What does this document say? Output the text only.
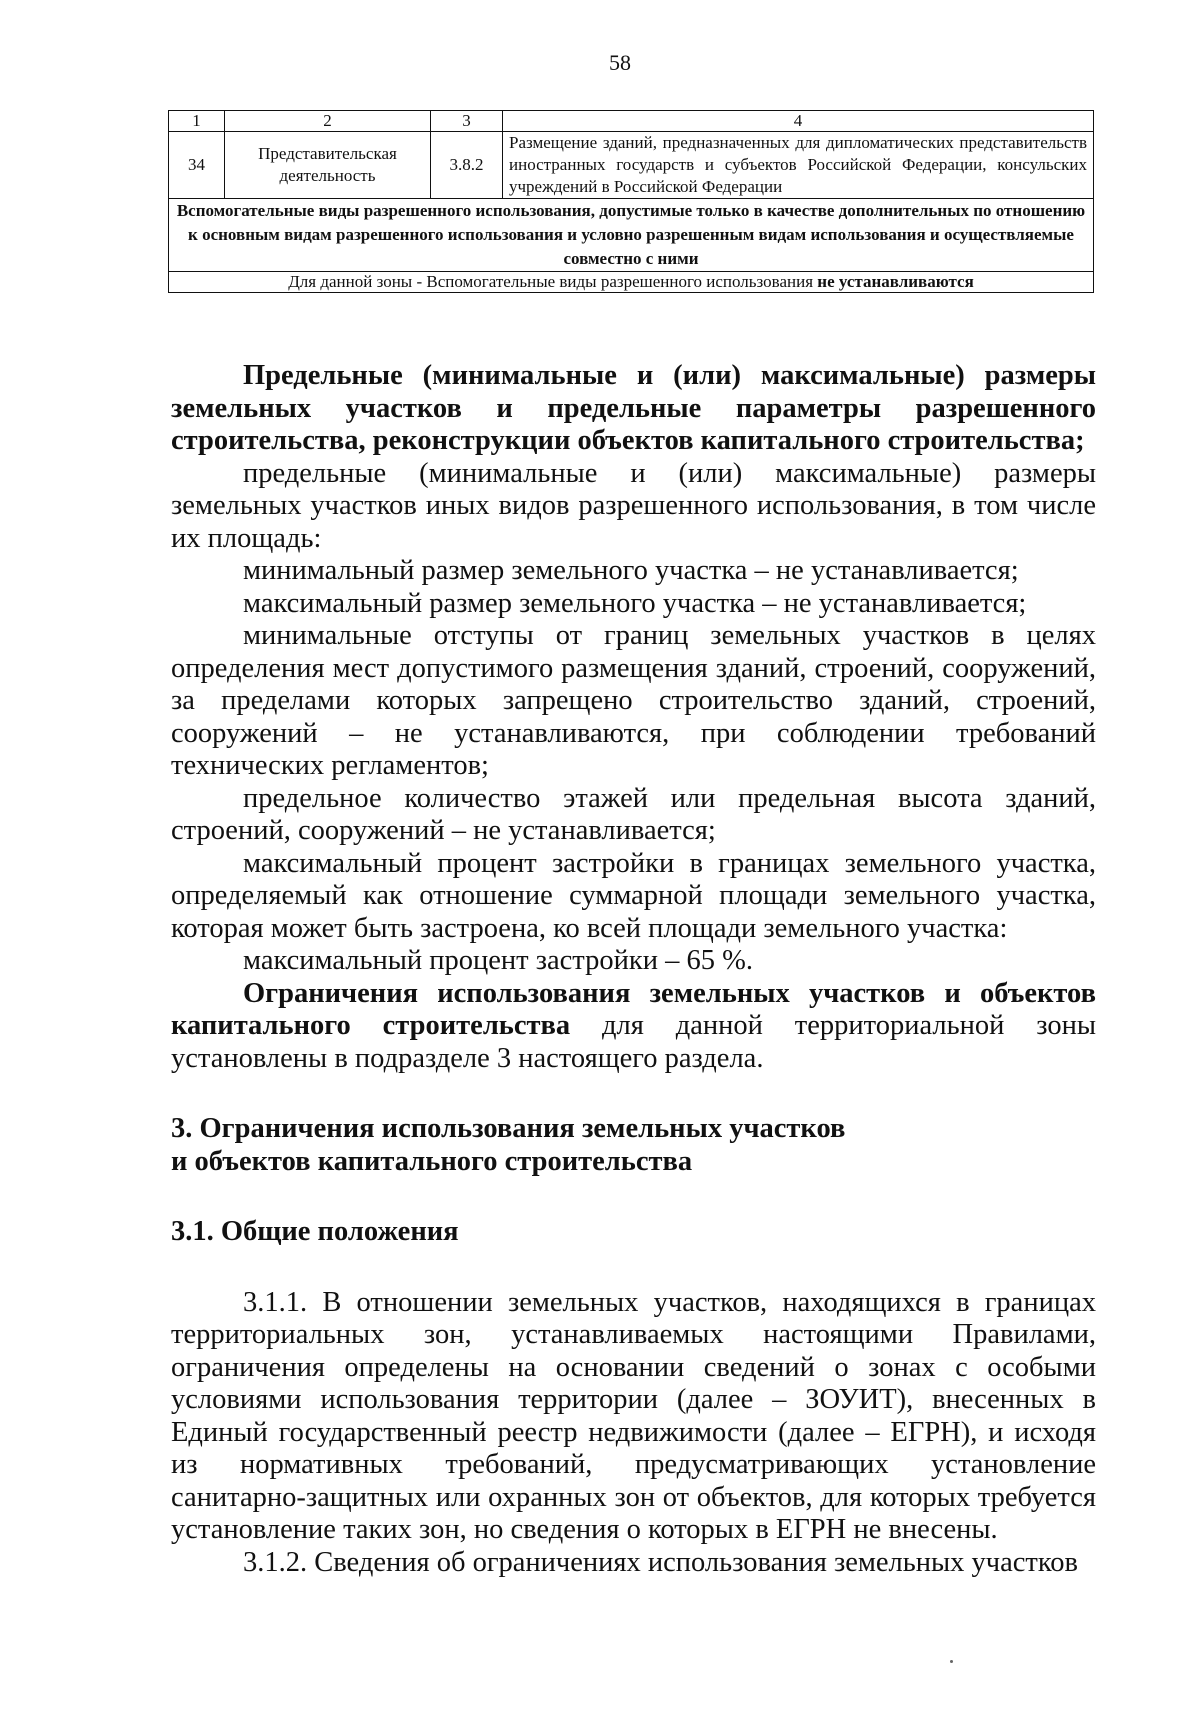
58
1	2	3	4
34	Представительская деятельность	3.8.2	Размещение зданий, предназначенных для дипломатических представительств иностранных государств и субъектов Российской Федерации, консульских учреждений в Российской Федерации
Вспомогательные виды разрешенного использования, допустимые только в качестве дополнительных по отношению к основным видам разрешенного использования и условно разрешенным видам использования и осуществляемые совместно с ними			
Для данной зоны - Вспомогательные виды разрешенного использования не устанавливаются			

Предельные (минимальные и (или) максимальные) размеры земельных участков и предельные параметры разрешенного строительства, реконструкции объектов капитального строительства;

предельные (минимальные и (или) максимальные) размеры земельных участков иных видов разрешенного использования, в том числе их площадь:

минимальный размер земельного участка – не устанавливается;

максимальный размер земельного участка – не устанавливается;

минимальные отступы от границ земельных участков в целях определения мест допустимого размещения зданий, строений, сооружений, за пределами которых запрещено строительство зданий, строений, сооружений – не устанавливаются, при соблюдении требований технических регламентов;

предельное количество этажей или предельная высота зданий, строений, сооружений – не устанавливается;

максимальный процент застройки в границах земельного участка, определяемый как отношение суммарной площади земельного участка, которая может быть застроена, ко всей площади земельного участка:

максимальный процент застройки – 65 %.

Ограничения использования земельных участков и объектов капитального строительства для данной территориальной зоны установлены в подразделе 3 настоящего раздела.

3. Ограничения использования земельных участков
и объектов капитального строительства

3.1. Общие положения

3.1.1. В отношении земельных участков, находящихся в границах территориальных зон, устанавливаемых настоящими Правилами, ограничения определены на основании сведений о зонах с особыми условиями использования территории (далее – ЗОУИТ), внесенных в Единый государственный реестр недвижимости (далее – ЕГРН), и исходя из нормативных требований, предусматривающих установление санитарно-защитных или охранных зон от объектов, для которых требуется установление таких зон, но сведения о которых в ЕГРН не внесены.

3.1.2. Сведения об ограничениях использования земельных участков
